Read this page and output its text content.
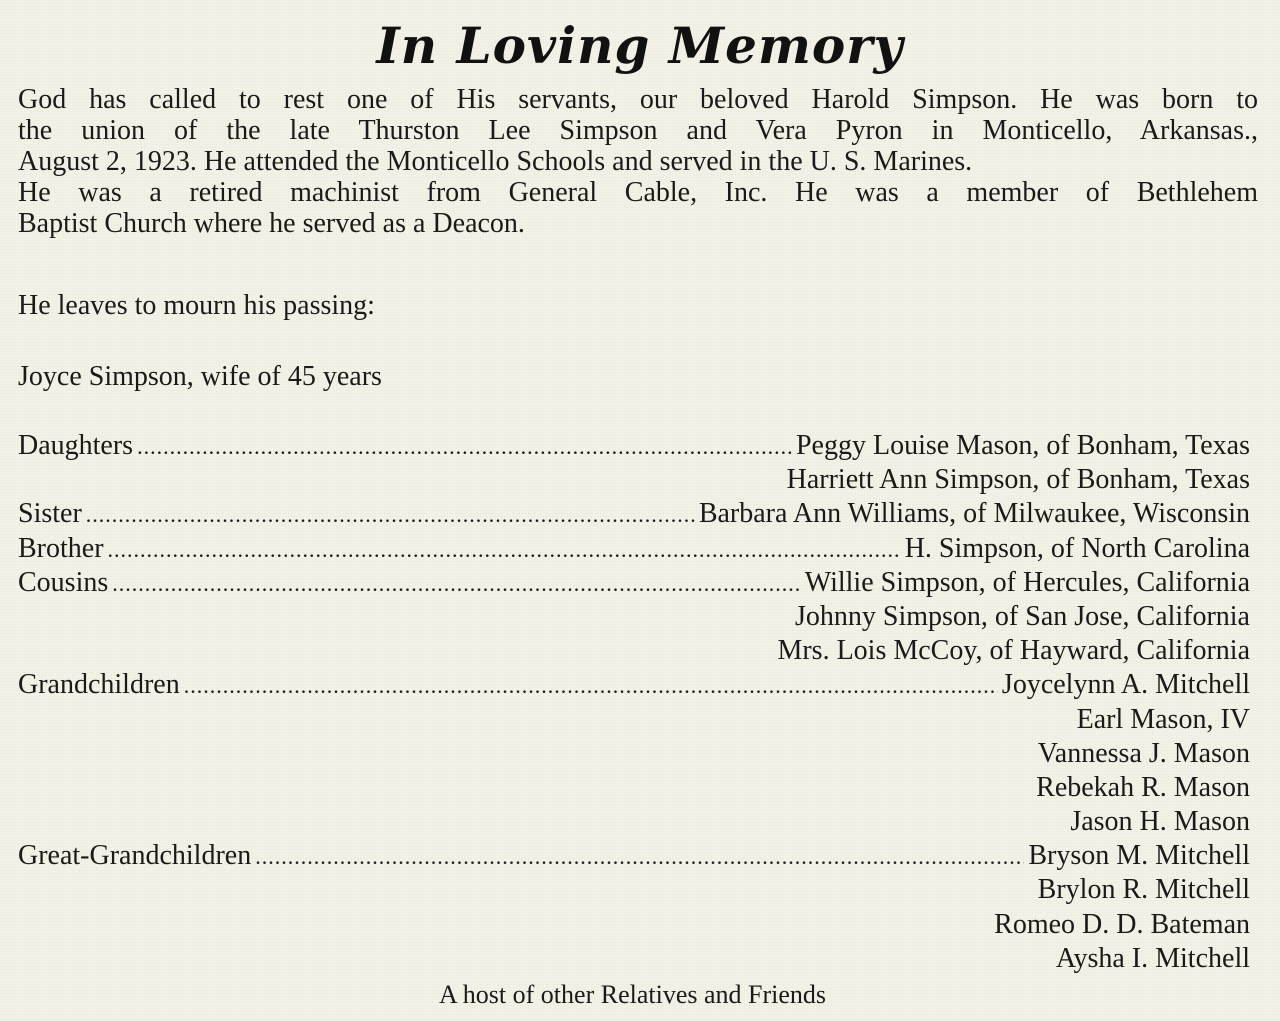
In Loving Memory
God has called to rest one of His servants, our beloved Harold Simpson. He was born to
the union of the late Thurston Lee Simpson and Vera Pyron in Monticello, Arkansas.,
August 2, 1923. He attended the Monticello Schools and served in the U. S. Marines.
He was a retired machinist from General Cable, Inc. He was a member of Bethlehem
Baptist Church where he served as a Deacon.
He leaves to mourn his passing:
Joyce Simpson, wife of 45 years
Daughters .....	Peggy Louise Mason, of Bonham, Texas
Harriett Ann Simpson, of Bonham, Texas
Sister .....	Barbara Ann Williams, of Milwaukee, Wisconsin
Brother .....	H. Simpson, of North Carolina
Cousins .....	Willie Simpson, of Hercules, California
Johnny Simpson, of San Jose, California
Mrs. Lois McCoy, of Hayward, California
Grandchildren .....	Joycelynn A. Mitchell
Earl Mason, IV
Vannessa J. Mason
Rebekah R. Mason
Jason H. Mason
Great-Grandchildren .....	Bryson M. Mitchell
Brylon R. Mitchell
Romeo D. D. Bateman
Aysha I. Mitchell
A host of other Relatives and Friends
